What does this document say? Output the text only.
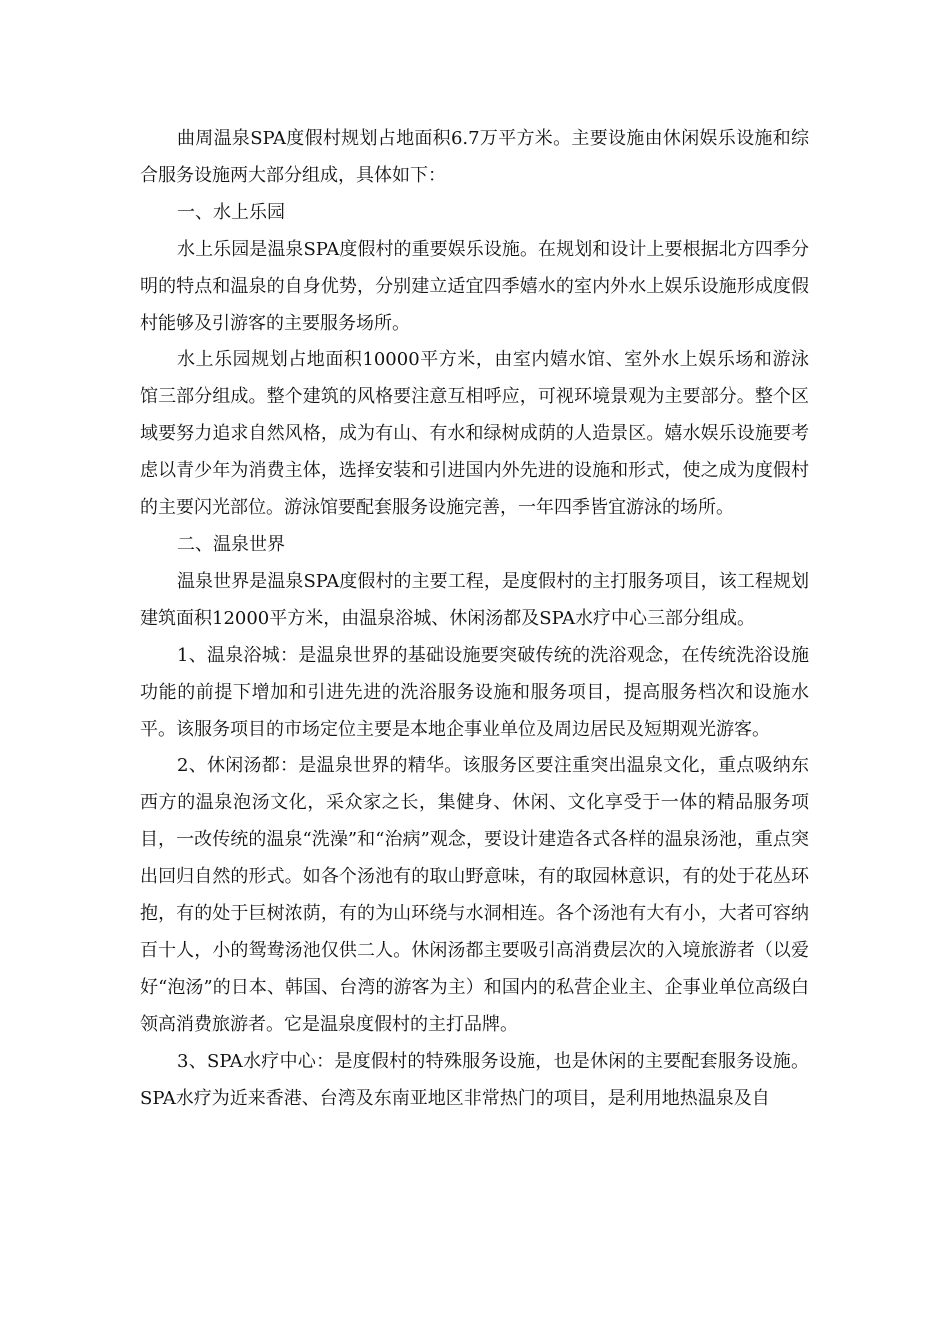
曲周温泉SPA度假村规划占地面积6.7万平方米。主要设施由休闲娱乐设施和综合服务设施两大部分组成，具体如下：

一、水上乐园

水上乐园是温泉SPA度假村的重要娱乐设施。在规划和设计上要根据北方四季分明的特点和温泉的自身优势，分别建立适宜四季嬉水的室内外水上娱乐设施形成度假村能够及引游客的主要服务场所。

水上乐园规划占地面积10000平方米，由室内嬉水馆、室外水上娱乐场和游泳馆三部分组成。整个建筑的风格要注意互相呼应，可视环境景观为主要部分。整个区域要努力追求自然风格，成为有山、有水和绿树成荫的人造景区。嬉水娱乐设施要考虑以青少年为消费主体，选择安装和引进国内外先进的设施和形式，使之成为度假村的主要闪光部位。游泳馆要配套服务设施完善，一年四季皆宜游泳的场所。

二、温泉世界

温泉世界是温泉SPA度假村的主要工程，是度假村的主打服务项目，该工程规划建筑面积12000平方米，由温泉浴城、休闲汤都及SPA水疗中心三部分组成。

1、温泉浴城：是温泉世界的基础设施要突破传统的洗浴观念，在传统洗浴设施功能的前提下增加和引进先进的洗浴服务设施和服务项目，提高服务档次和设施水平。该服务项目的市场定位主要是本地企事业单位及周边居民及短期观光游客。

2、休闲汤都：是温泉世界的精华。该服务区要注重突出温泉文化，重点吸纳东西方的温泉泡汤文化，采众家之长，集健身、休闲、文化享受于一体的精品服务项目，一改传统的温泉“洗澡”和“治病”观念，要设计建造各式各样的温泉汤池，重点突出回归自然的形式。如各个汤池有的取山野意味，有的取园林意识，有的处于花丛环抱，有的处于巨树浓荫，有的为山环绕与水洞相连。各个汤池有大有小，大者可容纳百十人，小的鸳鸯汤池仅供二人。休闲汤都主要吸引高消费层次的入境旅游者（以爱好“泡汤”的日本、韩国、台湾的游客为主）和国内的私营企业主、企事业单位高级白领高消费旅游者。它是温泉度假村的主打品牌。

3、SPA水疗中心：是度假村的特殊服务设施，也是休闲的主要配套服务设施。SPA水疗为近来香港、台湾及东南亚地区非常热门的项目，是利用地热温泉及自
